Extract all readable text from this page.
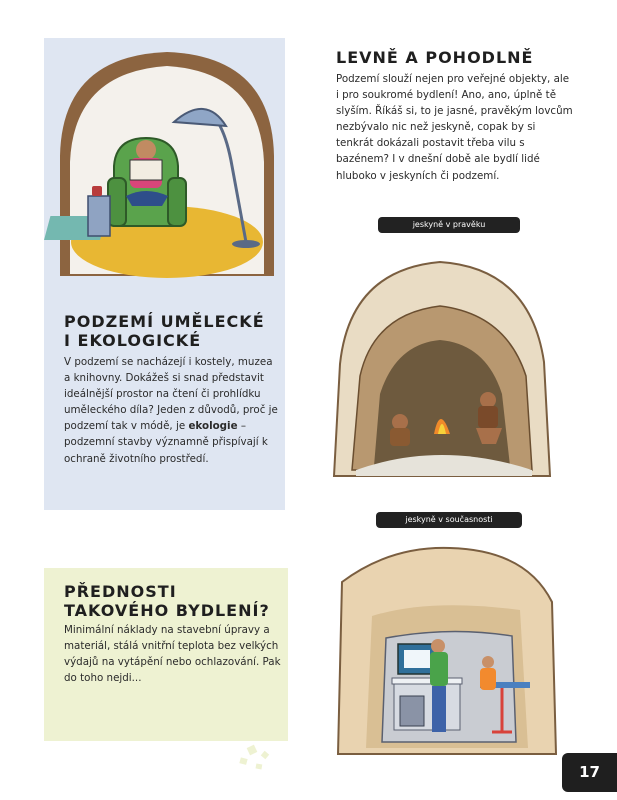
LEVNĚ A POHODLNĚ
Podzemí slouží nejen pro veřejné objekty, ale i pro soukromé bydlení! Ano, ano, úplně tě slyším. Říkáš si, to je jasné, pravěkým lovcům nezbývalo nic než jeskyně, copak by si tenkrát dokázali postavit třeba vilu s bazénem? I v dnešní době ale bydlí lidé hluboko v jeskyních či podzemí.
jeskyně v pravěku
PODZEMÍ UMĚLECKÉ I EKOLOGICKÉ
V podzemí se nacházejí i kostely, muzea a knihovny. Dokážeš si snad představit ideálnější prostor na čtení či prohlídku uměleckého díla? Jeden z důvodů, proč je podzemí tak v módě, je ekologie – podzemní stavby významně přispívají k ochraně životního prostředí.
jeskyně v současnosti
PŘEDNOSTI TAKOVÉHO BYDLENÍ?
Minimální náklady na stavební úpravy a materiál, stálá vnitřní teplota bez velkých výdajů na vytápění nebo ochlazování. Pak do toho nejdi...
17
